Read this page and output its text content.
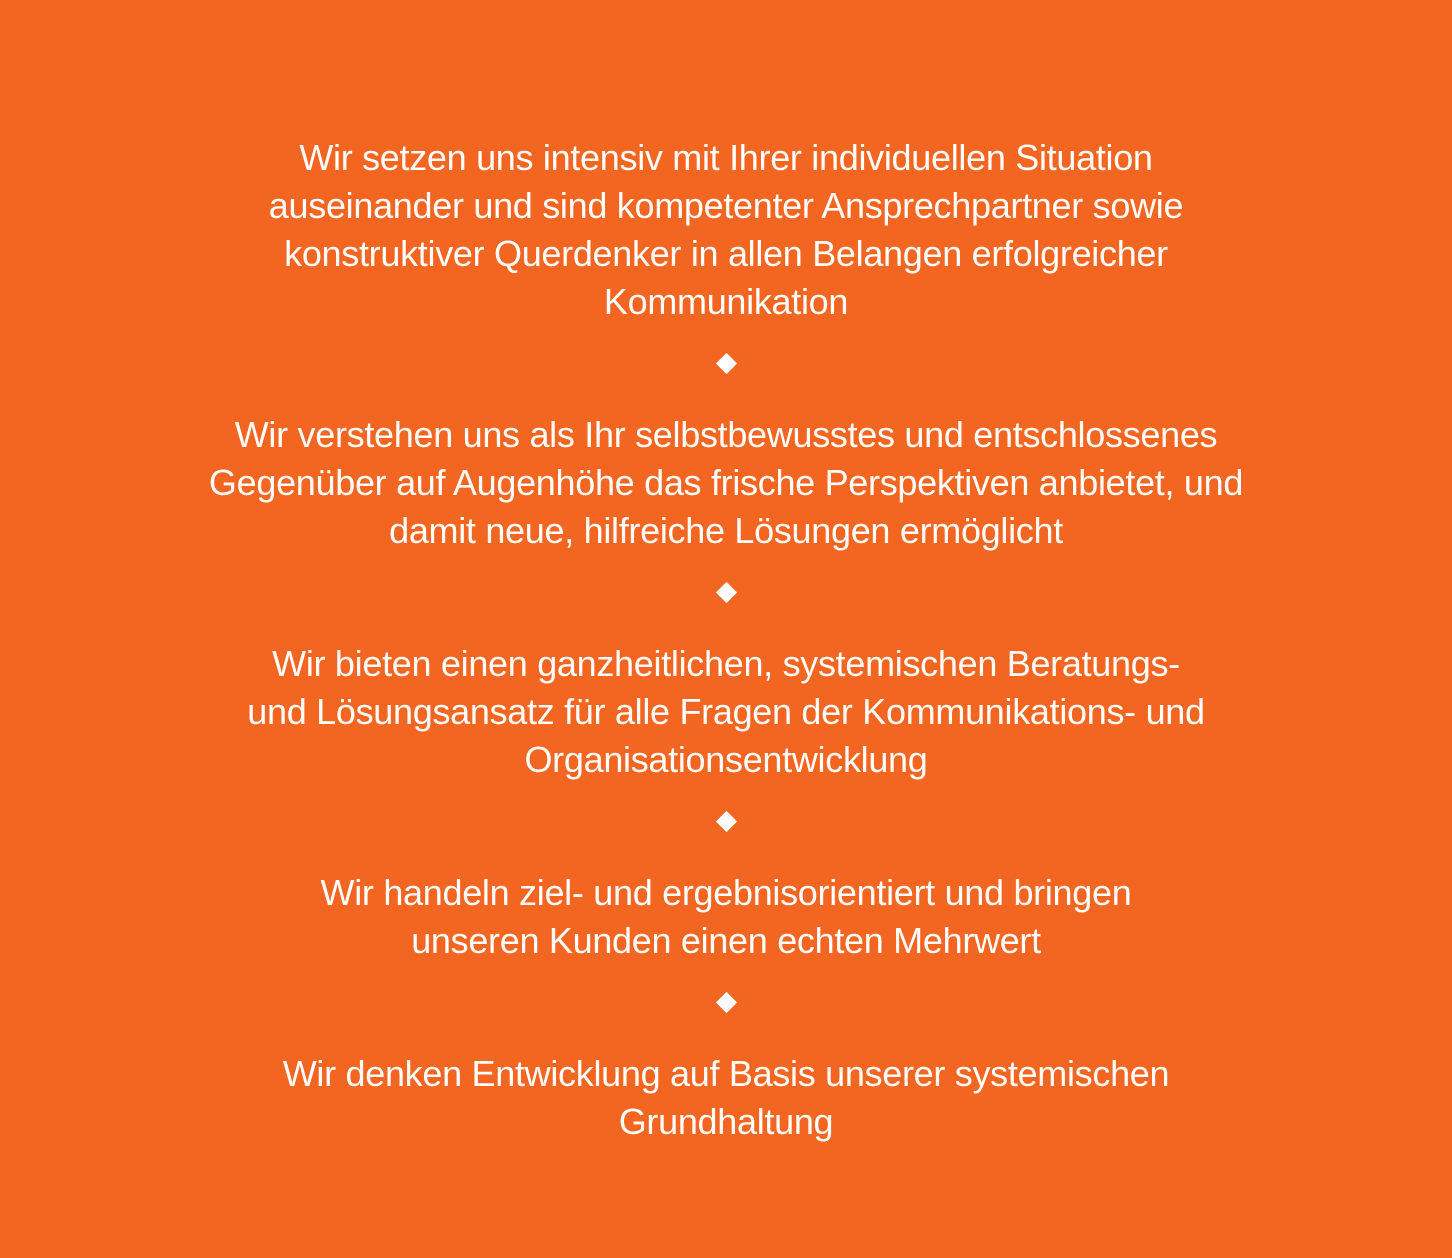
Wir setzen uns intensiv mit Ihrer individuellen Situation
auseinander und sind kompetenter Ansprechpartner sowie
konstruktiver Querdenker in allen Belangen erfolgreicher
Kommunikation
Wir verstehen uns als Ihr selbstbewusstes und entschlossenes
Gegenüber auf Augenhöhe das frische Perspektiven anbietet, und
damit neue, hilfreiche Lösungen ermöglicht
Wir bieten einen ganzheitlichen, systemischen Beratungs-
und Lösungsansatz für alle Fragen der Kommunikations- und
Organisationsentwicklung
Wir handeln ziel- und ergebnisorientiert und bringen
unseren Kunden einen echten Mehrwert
Wir denken Entwicklung auf Basis unserer systemischen
Grundhaltung
